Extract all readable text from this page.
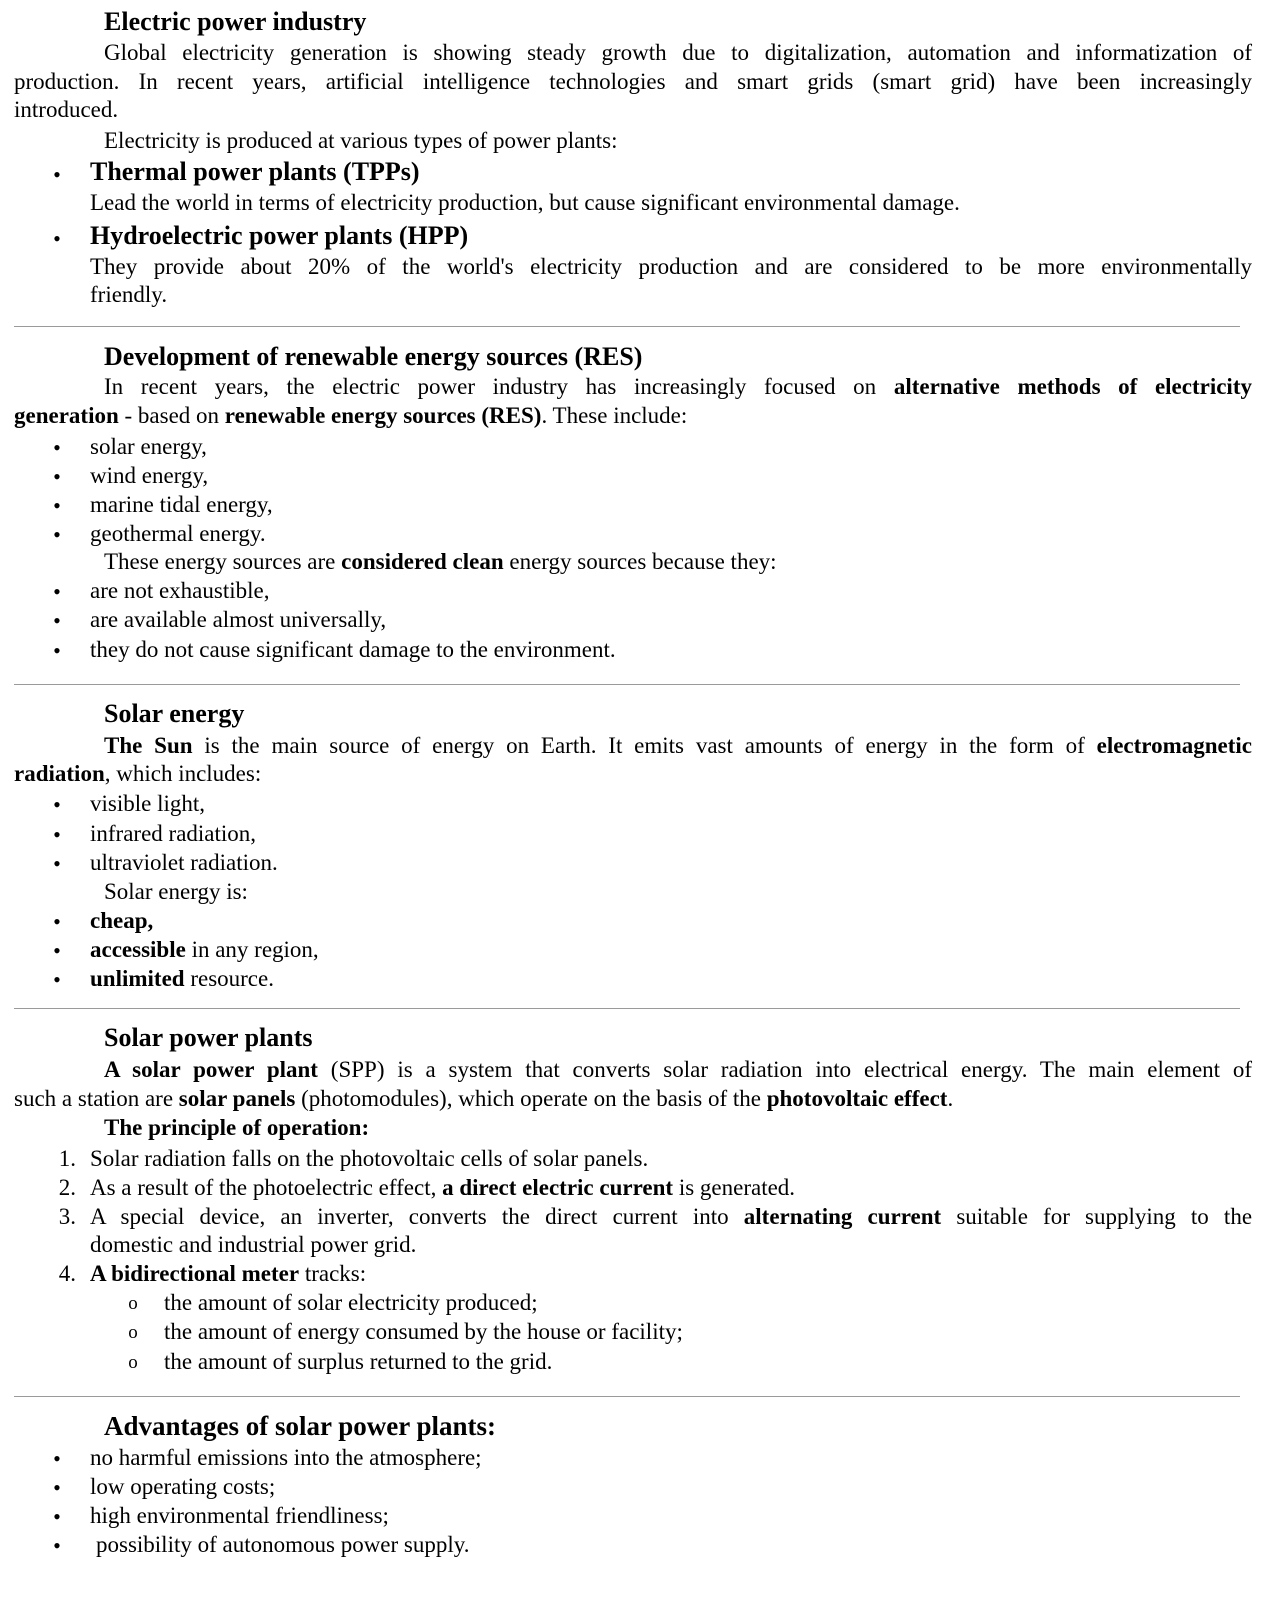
Electric power industry
Global electricity generation is showing steady growth due to digitalization, automation and informatization of
production. In recent years, artificial intelligence technologies and smart grids (smart grid) have been increasingly
introduced.
Electricity is produced at various types of power plants:
• Thermal power plants (TPPs)
Lead the world in terms of electricity production, but cause significant environmental damage.
• Hydroelectric power plants (HPP)
They provide about 20% of the world's electricity production and are considered to be more environmentally
friendly.
Development of renewable energy sources (RES)
In recent years, the electric power industry has increasingly focused on alternative methods of electricity
generation - based on renewable energy sources (RES). These include:
• solar energy,
• wind energy,
• marine tidal energy,
• geothermal energy.
These energy sources are considered clean energy sources because they:
• are not exhaustible,
• are available almost universally,
• they do not cause significant damage to the environment.
Solar energy
The Sun is the main source of energy on Earth. It emits vast amounts of energy in the form of electromagnetic
radiation, which includes:
• visible light,
• infrared radiation,
• ultraviolet radiation.
Solar energy is:
• cheap,
• accessible in any region,
• unlimited resource.
Solar power plants
A solar power plant (SPP) is a system that converts solar radiation into electrical energy. The main element of
such a station are solar panels (photomodules), which operate on the basis of the photovoltaic effect.
The principle of operation:
1. Solar radiation falls on the photovoltaic cells of solar panels.
2. As a result of the photoelectric effect, a direct electric current is generated.
3. A special device, an inverter, converts the direct current into alternating current suitable for supplying to the
domestic and industrial power grid.
4. A bidirectional meter tracks:
o the amount of solar electricity produced;
o the amount of energy consumed by the house or facility;
o the amount of surplus returned to the grid.
Advantages of solar power plants:
• no harmful emissions into the atmosphere;
• low operating costs;
• high environmental friendliness;
• possibility of autonomous power supply.
